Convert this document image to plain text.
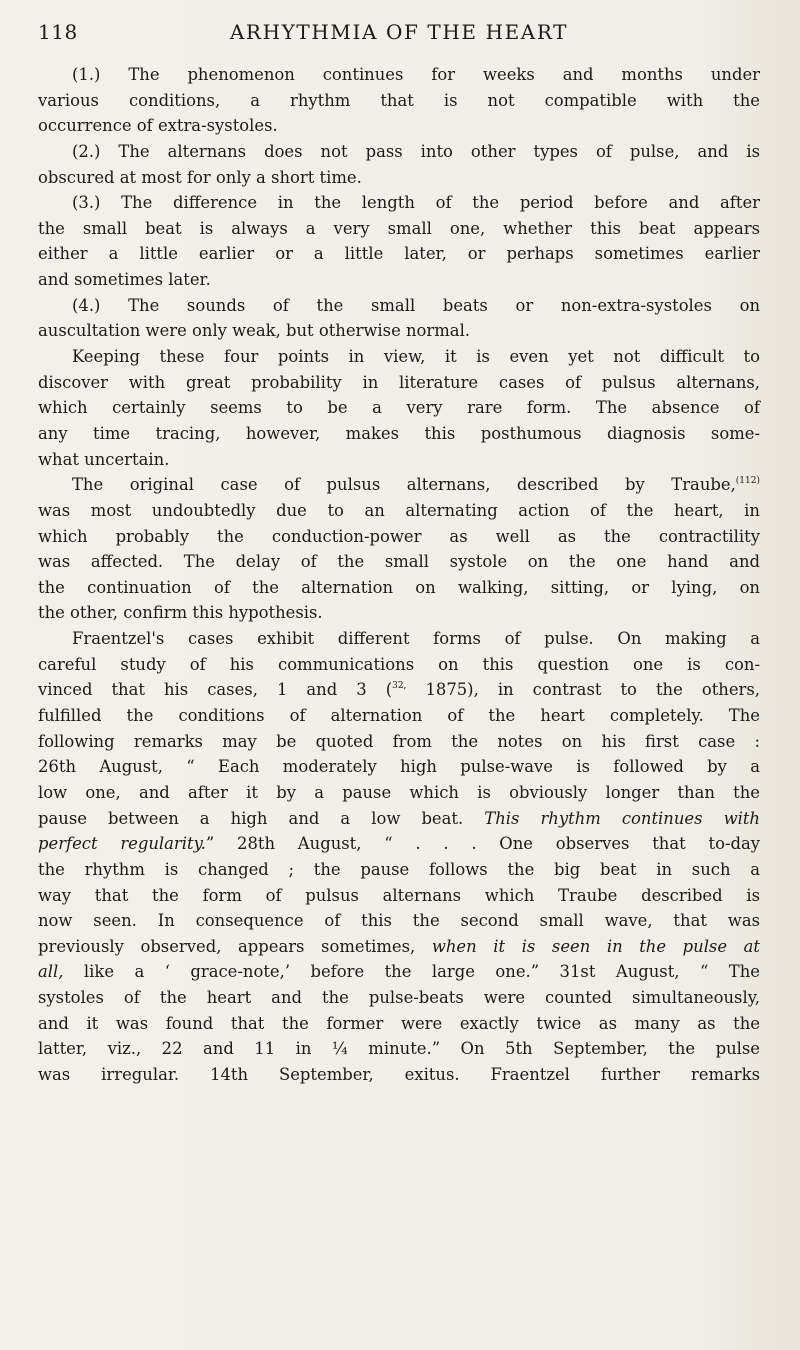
118	ARHYTHMIA OF THE HEART
(1.) The phenomenon continues for weeks and months under
various conditions, a rhythm that is not compatible with the
occurrence of extra-systoles.
(2.) The alternans does not pass into other types of pulse, and is
obscured at most for only a short time.
(3.) The difference in the length of the period before and after
the small beat is always a very small one, whether this beat appears
either a little earlier or a little later, or perhaps sometimes earlier
and sometimes later.
(4.) The sounds of the small beats or non-extra-systoles on
auscultation were only weak, but otherwise normal.
Keeping these four points in view, it is even yet not difficult to
discover with great probability in literature cases of pulsus alternans,
which certainly seems to be a very rare form. The absence of
any time tracing, however, makes this posthumous diagnosis some-
what uncertain.
The original case of pulsus alternans, described by Traube,$^{(112)}$
was most undoubtedly due to an alternating action of the heart, in
which probably the conduction-power as well as the contractility
was affected. The delay of the small systole on the one hand and
the continuation of the alternation on walking, sitting, or lying, on
the other, confirm this hypothesis.
Fraentzel's cases exhibit different forms of pulse. On making a
careful study of his communications on this question one is con-
vinced that his cases, 1 and 3 ($^{32,}$ 1875), in contrast to the others,
fulfilled the conditions of alternation of the heart completely. The
following remarks may be quoted from the notes on his first case :
26th August, “ Each moderately high pulse-wave is followed by a
low one, and after it by a pause which is obviously longer than the
pause between a high and a low beat. This rhythm continues with
perfect regularity.” 28th August, “ . . . One observes that to-day
the rhythm is changed ; the pause follows the big beat in such a
way that the form of pulsus alternans which Traube described is
now seen. In consequence of this the second small wave, that was
previously observed, appears sometimes, when it is seen in the pulse at
all, like a ‘ grace-note,’ before the large one.” 31st August, “ The
systoles of the heart and the pulse-beats were counted simultaneously,
and it was found that the former were exactly twice as many as the
latter, viz., 22 and 11 in ¼ minute.” On 5th September, the pulse
was irregular. 14th September, exitus. Fraentzel further remarks
